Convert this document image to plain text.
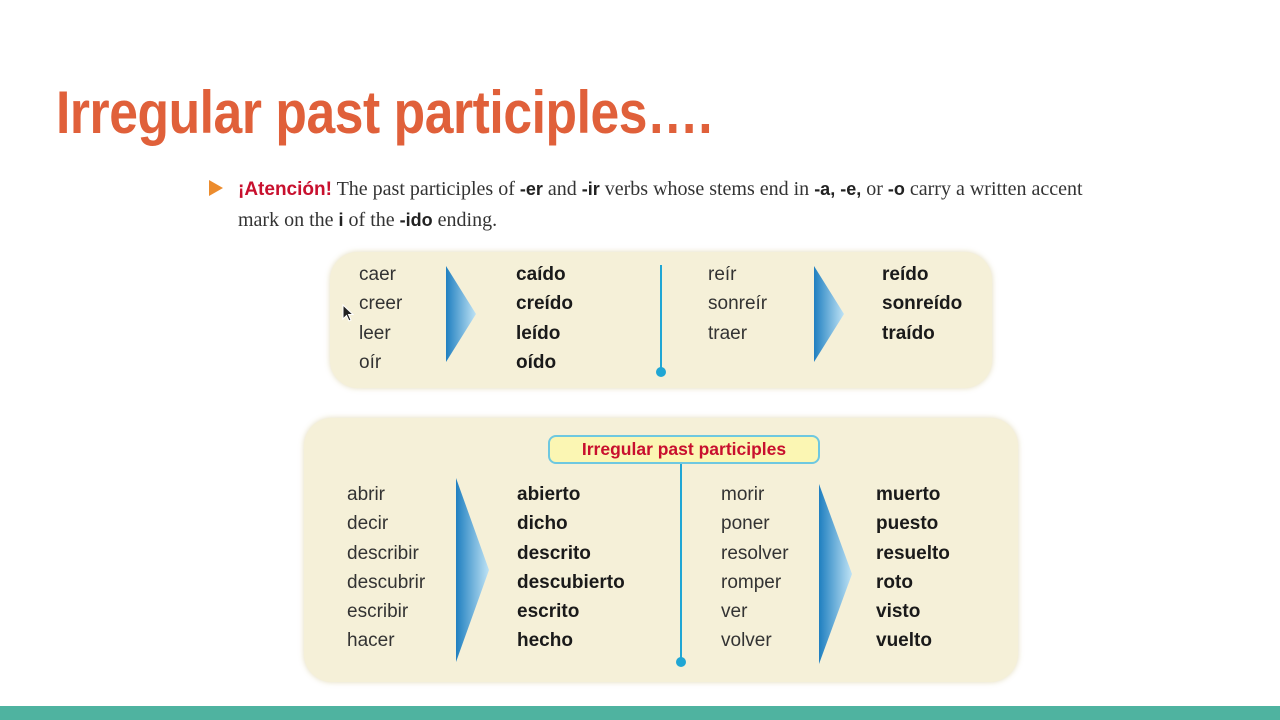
Irregular past participles….
¡Atención! The past participles of -er and -ir verbs whose stems end in -a, -e, or -o carry a written accent mark on the i of the -ido ending.
caer
creer
leer
oír
caído
creído
leído
oído
reír
sonreír
traer
reído
sonreído
traído
Irregular past participles
abrir
decir
describir
descubrir
escribir
hacer
abierto
dicho
descrito
descubierto
escrito
hecho
morir
poner
resolver
romper
ver
volver
muerto
puesto
resuelto
roto
visto
vuelto
